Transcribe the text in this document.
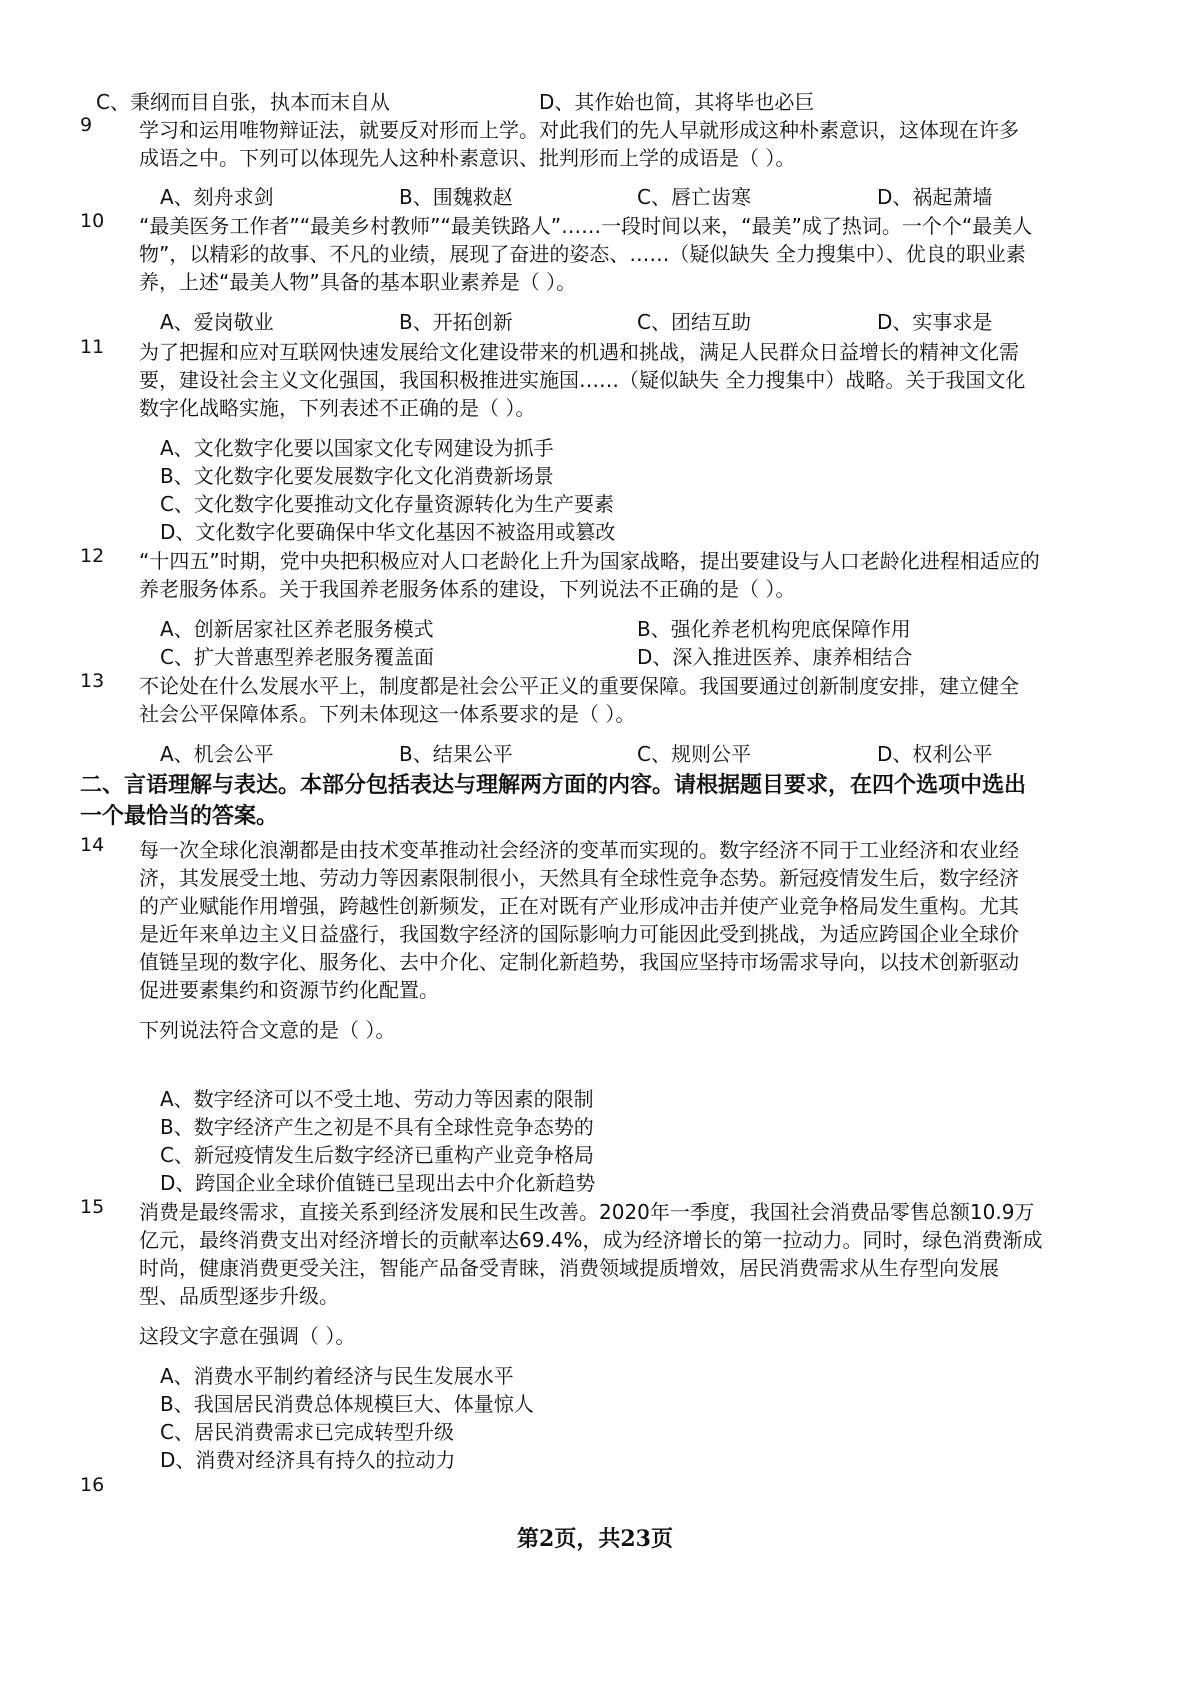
C、秉纲而目自张，执本而末自从	D、其作始也简，其将毕也必巨
9 学习和运用唯物辩证法，就要反对形而上学。对此我们的先人早就形成这种朴素意识，这体现在许多
成语之中。下列可以体现先人这种朴素意识、批判形而上学的成语是（ ）。
A、刻舟求剑	B、围魏救赵	C、唇亡齿寒	D、祸起萧墙
10 “最美医务工作者”“最美乡村教师”“最美铁路人”……一段时间以来，“最美”成了热词。一个个“最美人
物”，以精彩的故事、不凡的业绩，展现了奋进的姿态、……（疑似缺失 全力搜集中）、优良的职业素
养，上述“最美人物”具备的基本职业素养是（ ）。
A、爱岗敬业	B、开拓创新	C、团结互助	D、实事求是
11 为了把握和应对互联网快速发展给文化建设带来的机遇和挑战，满足人民群众日益增长的精神文化需
要，建设社会主义文化强国，我国积极推进实施国……（疑似缺失 全力搜集中）战略。关于我国文化
数字化战略实施，下列表述不正确的是（ ）。
A、文化数字化要以国家文化专网建设为抓手
B、文化数字化要发展数字化文化消费新场景
C、文化数字化要推动文化存量资源转化为生产要素
D、文化数字化要确保中华文化基因不被盗用或篡改
12 “十四五”时期，党中央把积极应对人口老龄化上升为国家战略，提出要建设与人口老龄化进程相适应的
养老服务体系。关于我国养老服务体系的建设，下列说法不正确的是（ ）。
A、创新居家社区养老服务模式	B、强化养老机构兜底保障作用
C、扩大普惠型养老服务覆盖面	D、深入推进医养、康养相结合
13 不论处在什么发展水平上，制度都是社会公平正义的重要保障。我国要通过创新制度安排，建立健全
社会公平保障体系。下列未体现这一体系要求的是（ ）。
A、机会公平	B、结果公平	C、规则公平	D、权利公平
二、言语理解与表达。本部分包括表达与理解两方面的内容。请根据题目要求，在四个选项中选出
一个最恰当的答案。
14 每一次全球化浪潮都是由技术变革推动社会经济的变革而实现的。数字经济不同于工业经济和农业经
济，其发展受土地、劳动力等因素限制很小，天然具有全球性竞争态势。新冠疫情发生后，数字经济
的产业赋能作用增强，跨越性创新频发，正在对既有产业形成冲击并使产业竞争格局发生重构。尤其
是近年来单边主义日益盛行，我国数字经济的国际影响力可能因此受到挑战，为适应跨国企业全球价
值链呈现的数字化、服务化、去中介化、定制化新趋势，我国应坚持市场需求导向，以技术创新驱动
促进要素集约和资源节约化配置。
下列说法符合文意的是（ ）。
A、数字经济可以不受土地、劳动力等因素的限制
B、数字经济产生之初是不具有全球性竞争态势的
C、新冠疫情发生后数字经济已重构产业竞争格局
D、跨国企业全球价值链已呈现出去中介化新趋势
15 消费是最终需求，直接关系到经济发展和民生改善。2020年一季度，我国社会消费品零售总额10.9万
亿元，最终消费支出对经济增长的贡献率达69.4%，成为经济增长的第一拉动力。同时，绿色消费渐成
时尚，健康消费更受关注，智能产品备受青睐，消费领域提质增效，居民消费需求从生存型向发展
型、品质型逐步升级。
这段文字意在强调（ ）。
A、消费水平制约着经济与民生发展水平
B、我国居民消费总体规模巨大、体量惊人
C、居民消费需求已完成转型升级
D、消费对经济具有持久的拉动力
16
第2页，共23页
